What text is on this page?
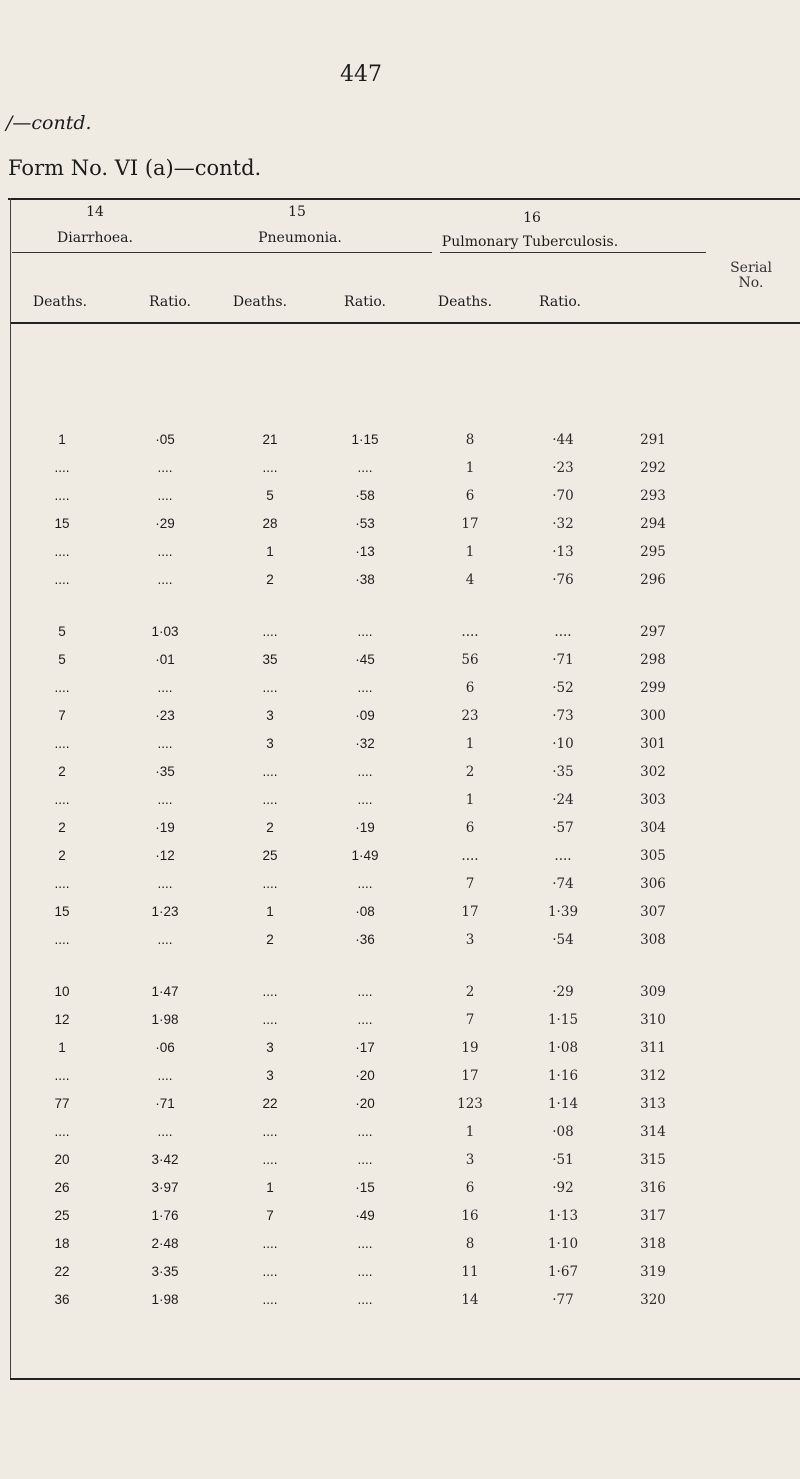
447
/—contd.
Form No. VI (a)—contd.
14
Diarrhoea.
15
Pneumonia.
16
Pulmonary Tuberculosis.
Deaths.	Ratio.	Deaths.	Ratio.	Deaths.	Ratio.
Serial No.
1	·05	21	1·15	8	·44	291
....	....	....	....	1	·23	292
....	....	5	·58	6	·70	293
15	·29	28	·53	17	·32	294
....	....	1	·13	1	·13	295
....	....	2	·38	4	·76	296
5	1·03	....	....	....	....	297
5	·01	35	·45	56	·71	298
....	....	....	....	6	·52	299
7	·23	3	·09	23	·73	300
....	....	3	·32	1	·10	301
2	·35	....	....	2	·35	302
....	....	....	....	1	·24	303
2	·19	2	·19	6	·57	304
2	·12	25	1·49	....	....	305
....	....	....	....	7	·74	306
15	1·23	1	·08	17	1·39	307
....	....	2	·36	3	·54	308
10	1·47	....	....	2	·29	309
12	1·98	....	....	7	1·15	310
1	·06	3	·17	19	1·08	311
....	....	3	·20	17	1·16	312
77	·71	22	·20	123	1·14	313
....	....	....	....	1	·08	314
20	3·42	....	....	3	·51	315
26	3·97	1	·15	6	·92	316
25	1·76	7	·49	16	1·13	317
18	2·48	....	....	8	1·10	318
22	3·35	....	....	11	1·67	319
36	1·98	....	....	14	·77	320
